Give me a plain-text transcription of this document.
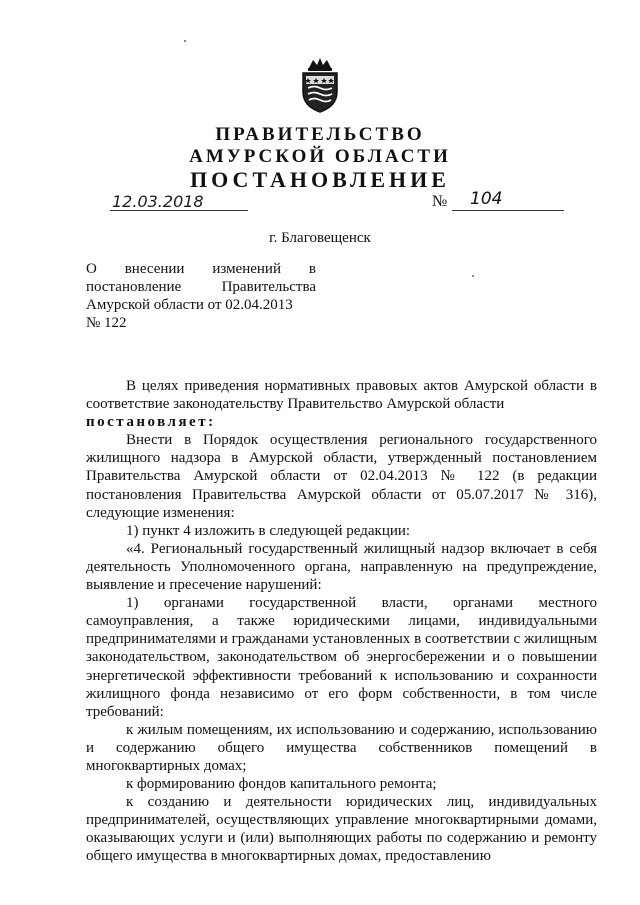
ПРАВИТЕЛЬСТВО
АМУРСКОЙ ОБЛАСТИ
ПОСТАНОВЛЕНИЕ
12.03.2018	№ 104
г. Благовещенск
О внесении изменений в
постановление	Правительства
Амурской области от 02.04.2013
№ 122

В целях приведения нормативных правовых актов Амурской области в соответствие законодательству Правительство Амурской области

постановляет:

Внести в Порядок осуществления регионального государственного жилищного надзора в Амурской области, утвержденный постановлением Правительства Амурской области от 02.04.2013 № 122 (в редакции постановления Правительства Амурской области от 05.07.2017 № 316), следующие изменения:

1) пункт 4 изложить в следующей редакции:

«4. Региональный государственный жилищный надзор включает в себя деятельность Уполномоченного органа, направленную на предупреждение, выявление и пресечение нарушений:

1) органами государственной власти, органами местного самоуправления, а также юридическими лицами, индивидуальными предпринимателями и гражданами установленных в соответствии с жилищным законодательством, законодательством об энергосбережении и о повышении энергетической эффективности требований к использованию и сохранности жилищного фонда независимо от его форм собственности, в том числе требований:

к жилым помещениям, их использованию и содержанию, использованию и содержанию общего имущества собственников помещений в многоквартирных домах;

к формированию фондов капитального ремонта;

к созданию и деятельности юридических лиц, индивидуальных предпринимателей, осуществляющих управление многоквартирными домами, оказывающих услуги и (или) выполняющих работы по содержанию и ремонту общего имущества в многоквартирных домах, предоставлению
